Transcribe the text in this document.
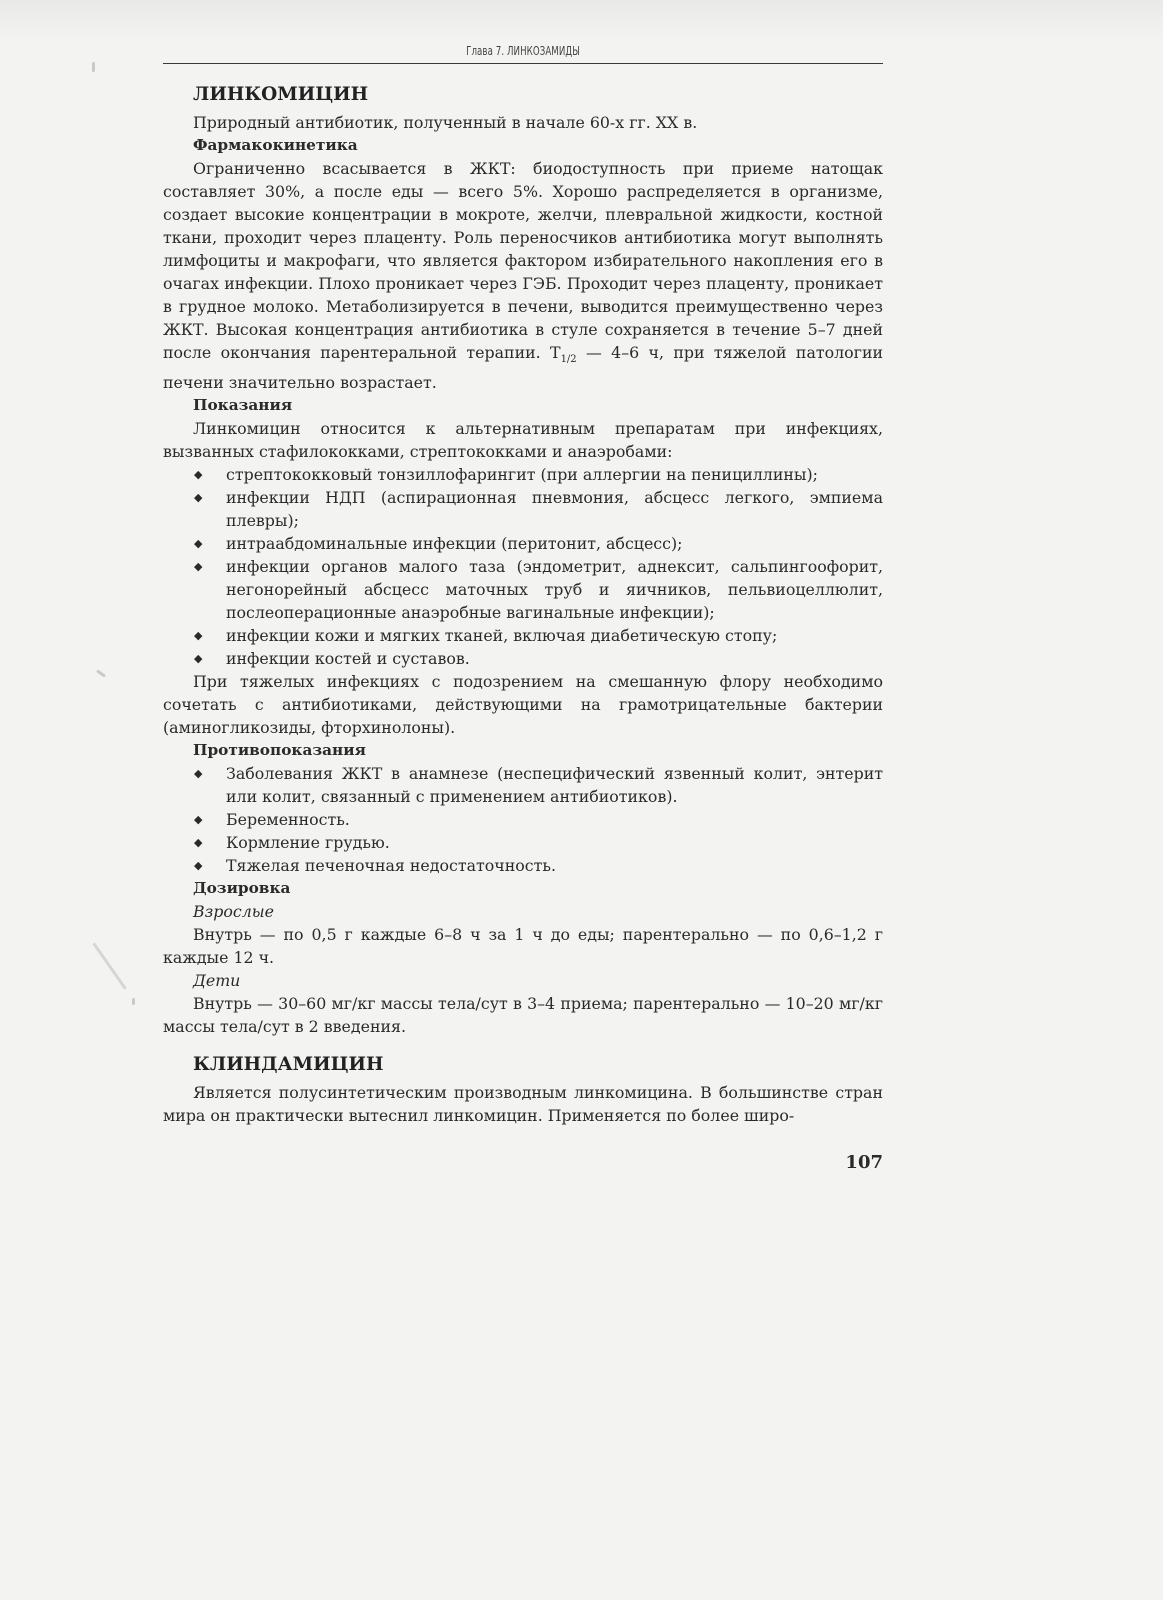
Глава 7. ЛИНКОЗАМИДЫ
ЛИНКОМИЦИН

Природный антибиотик, полученный в начале 60-х гг. XX в.

Фармакокинетика

Ограниченно всасывается в ЖКТ: биодоступность при приеме натощак составляет 30%, а после еды — всего 5%. Хорошо распределяется в организме, создает высокие концентрации в мокроте, желчи, плевральной жидкости, костной ткани, проходит через плаценту. Роль переносчиков антибиотика могут выполнять лимфоциты и макрофаги, что является фактором избирательного накопления его в очагах инфекции. Плохо проникает через ГЭБ. Проходит через плаценту, проникает в грудное молоко. Метаболизируется в печени, выводится преимущественно через ЖКТ. Высокая концентрация антибиотика в стуле сохраняется в течение 5–7 дней после окончания парентеральной терапии. $T_{1/2}$ — 4–6 ч, при тяжелой патологии печени значительно возрастает.

Показания

Линкомицин относится к альтернативным препаратам при инфекциях, вызванных стафилококками, стрептококками и анаэробами:

◆ стрептококковый тонзиллофарингит (при аллергии на пенициллины);
◆ инфекции НДП (аспирационная пневмония, абсцесс легкого, эмпиема плевры);
◆ интраабдоминальные инфекции (перитонит, абсцесс);
◆ инфекции органов малого таза (эндометрит, аднексит, сальпингоофорит, негонорейный абсцесс маточных труб и яичников, пельвиоцеллюлит, послеоперационные анаэробные вагинальные инфекции);
◆ инфекции кожи и мягких тканей, включая диабетическую стопу;
◆ инфекции костей и суставов.

При тяжелых инфекциях с подозрением на смешанную флору необходимо сочетать с антибиотиками, действующими на грамотрицательные бактерии (аминогликозиды, фторхинолоны).

Противопоказания
◆ Заболевания ЖКТ в анамнезе (неспецифический язвенный колит, энтерит или колит, связанный с применением антибиотиков).
◆ Беременность.
◆ Кормление грудью.
◆ Тяжелая печеночная недостаточность.
Дозировка
Взрослые

Внутрь — по 0,5 г каждые 6–8 ч за 1 ч до еды; парентерально — по 0,6–1,2 г каждые 12 ч.

Дети

Внутрь — 30–60 мг/кг массы тела/сут в 3–4 приема; парентерально — 10–20 мг/кг массы тела/сут в 2 введения.

КЛИНДАМИЦИН

Является полусинтетическим производным линкомицина. В большинстве стран мира он практически вытеснил линкомицин. Применяется по более широ-

107
